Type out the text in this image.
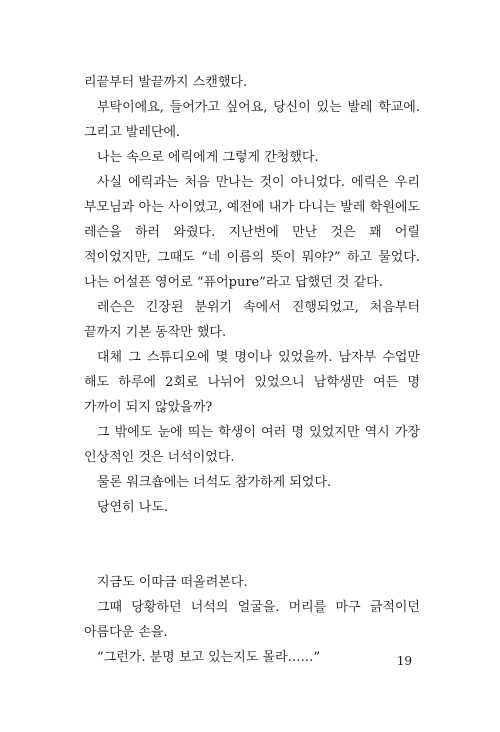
리끝부터 발끝까지 스캔했다.

부탁이에요, 들어가고 싶어요, 당신이 있는 발레 학교에. 그리고 발레단에.

나는 속으로 에릭에게 그렇게 간청했다.

사실 에릭과는 처음 만나는 것이 아니었다. 에릭은 우리 부모님과 아는 사이였고, 예전에 내가 다니는 발레 학원에도 레슨을 하러 와줬다. 지난번에 만난 것은 꽤 어릴 적이었지만, 그때도 “네 이름의 뜻이 뭐야?” 하고 물었다. 나는 어설픈 영어로 “퓨어pure”라고 답했던 것 같다.

레슨은 긴장된 분위기 속에서 진행되었고, 처음부터 끝까지 기본 동작만 했다.

대체 그 스튜디오에 몇 명이나 있었을까. 남자부 수업만 해도 하루에 2회로 나뉘어 있었으니 남학생만 여든 명 가까이 되지 않았을까?

그 밖에도 눈에 띄는 학생이 여러 명 있었지만 역시 가장 인상적인 것은 너석이었다.

물론 워크숍에는 너석도 참가하게 되었다.

당연히 나도.

지금도 이따금 떠올려본다.

그때 당황하던 너석의 얼굴을. 머리를 마구 긁적이던 아름다운 손을.

“그런가. 분명 보고 있는지도 몰라……”	19
